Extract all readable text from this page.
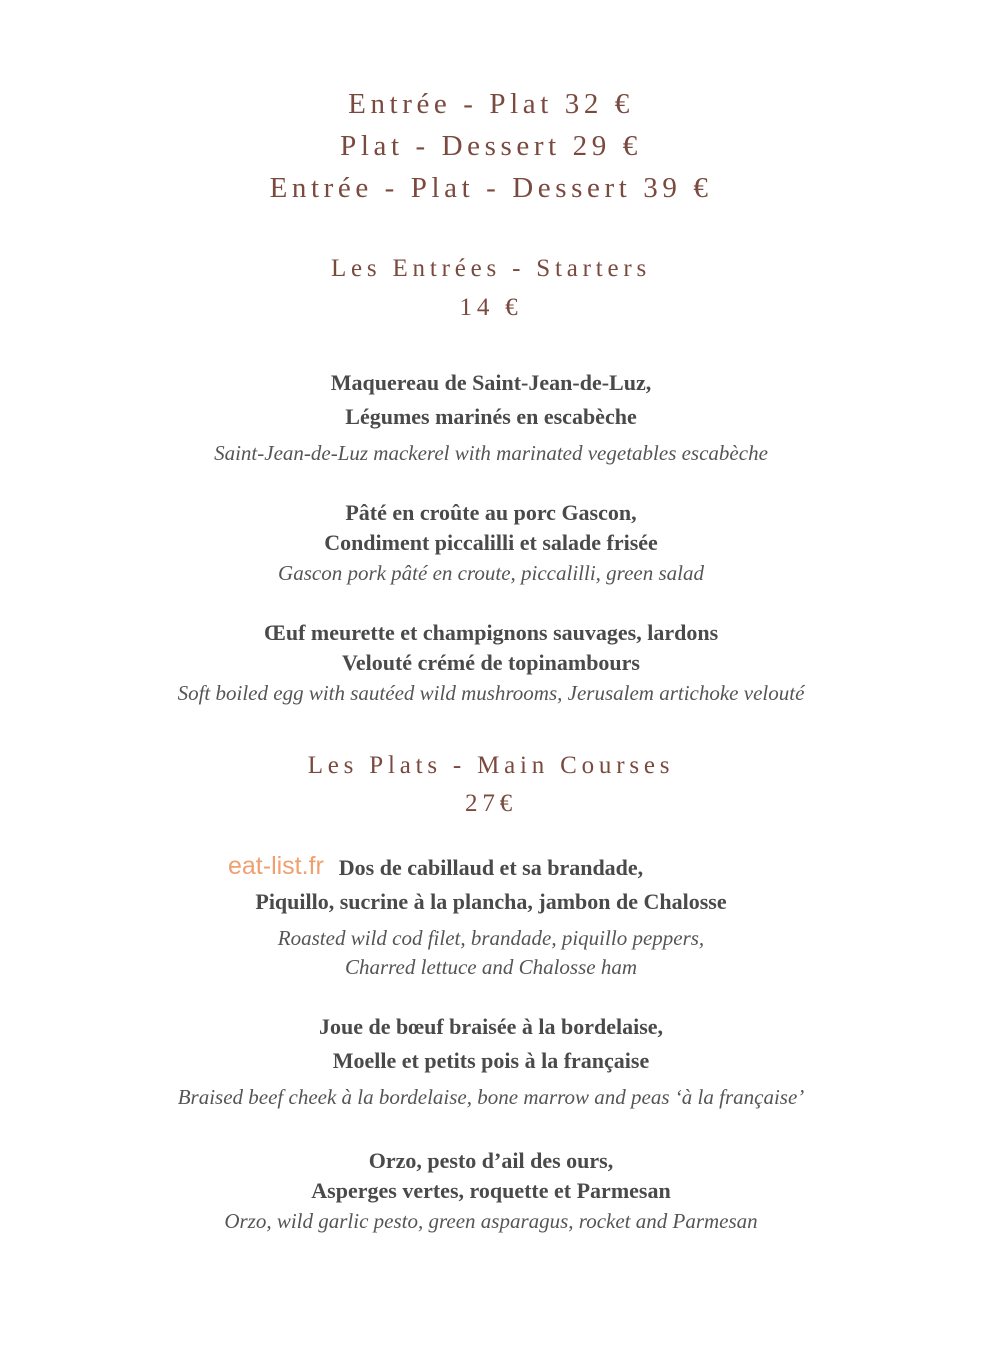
Entrée - Plat 32 €
Plat - Dessert 29 €
Entrée - Plat - Dessert 39 €
Les Entrées - Starters
14 €
Maquereau de Saint-Jean-de-Luz,
Légumes marinés en escabèche
Saint-Jean-de-Luz mackerel with marinated vegetables escabèche
Pâté en croûte au porc Gascon,
Condiment piccalilli et salade frisée
Gascon pork pâté en croute, piccalilli, green salad
Œuf meurette et champignons sauvages, lardons
Velouté crémé de topinambours
Soft boiled egg with sautéed wild mushrooms, Jerusalem artichoke velouté
Les Plats - Main Courses
27€
Dos de cabillaud et sa brandade,
Piquillo, sucrine à la plancha, jambon de Chalosse
Roasted wild cod filet, brandade, piquillo peppers,
Charred lettuce and Chalosse ham
Joue de bœuf braisée à la bordelaise,
Moelle et petits pois à la française
Braised beef cheek à la bordelaise, bone marrow and peas ‘à la française’
Orzo, pesto d’ail des ours,
Asperges vertes, roquette et Parmesan
Orzo, wild garlic pesto, green asparagus, rocket and Parmesan
eat-list.fr
